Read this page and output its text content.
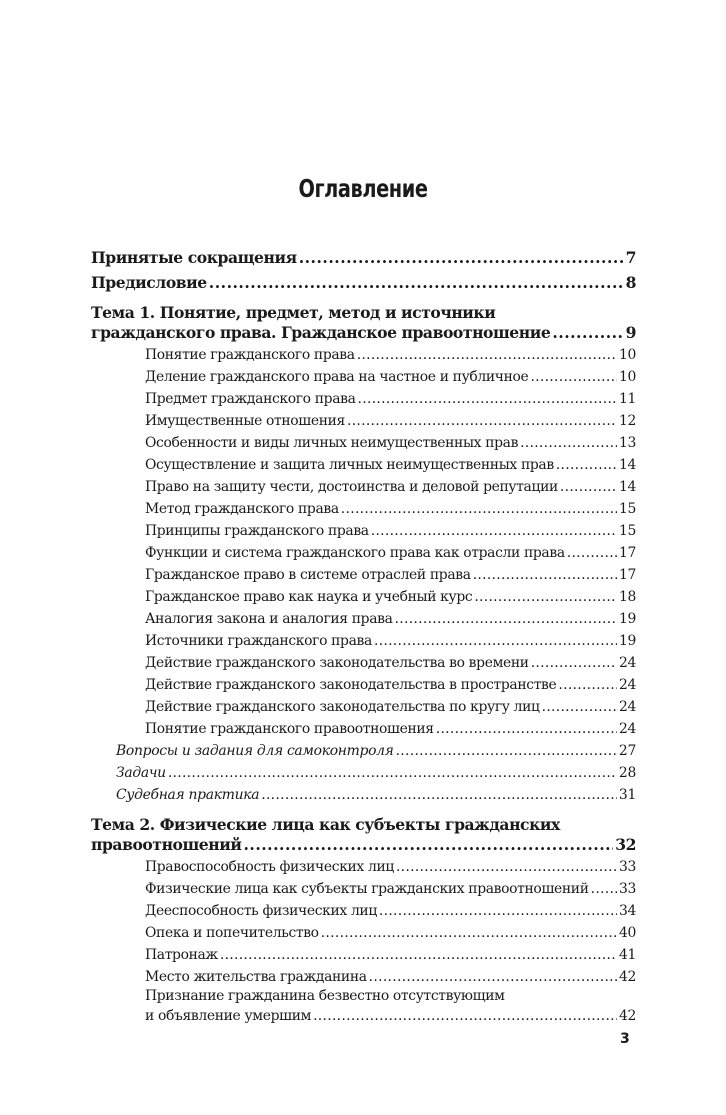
Оглавление
Принятые сокращения .....	7
Предисловие .....	8
Тема 1. Понятие, предмет, метод и источники
гражданского права. Гражданское правоотношение .....	9
Понятие гражданского права .....	10
Деление гражданского права на частное и публичное .....	10
Предмет гражданского права .....	11
Имущественные отношения .....	12
Особенности и виды личных неимущественных прав .....	13
Осуществление и защита личных неимущественных прав .....	14
Право на защиту чести, достоинства и деловой репутации .....	14
Метод гражданского права .....	15
Принципы гражданского права .....	15
Функции и система гражданского права как отрасли права .....	17
Гражданское право в системе отраслей права .....	17
Гражданское право как наука и учебный курс .....	18
Аналогия закона и аналогия права .....	19
Источники гражданского права .....	19
Действие гражданского законодательства во времени .....	24
Действие гражданского законодательства в пространстве .....	24
Действие гражданского законодательства по кругу лиц .....	24
Понятие гражданского правоотношения .....	24
Вопросы и задания для самоконтроля .....	27
Задачи .....	28
Судебная практика .....	31
Тема 2. Физические лица как субъекты гражданских
правоотношений .....	32
Правоспособность физических лиц .....	33
Физические лица как субъекты гражданских правоотношений ..... 33
Дееспособность физических лиц .....	34
Опека и попечительство .....	40
Патронаж .....	41
Место жительства гражданина .....	42
Признание гражданина безвестно отсутствующим
и объявление умершим .....	42
3
